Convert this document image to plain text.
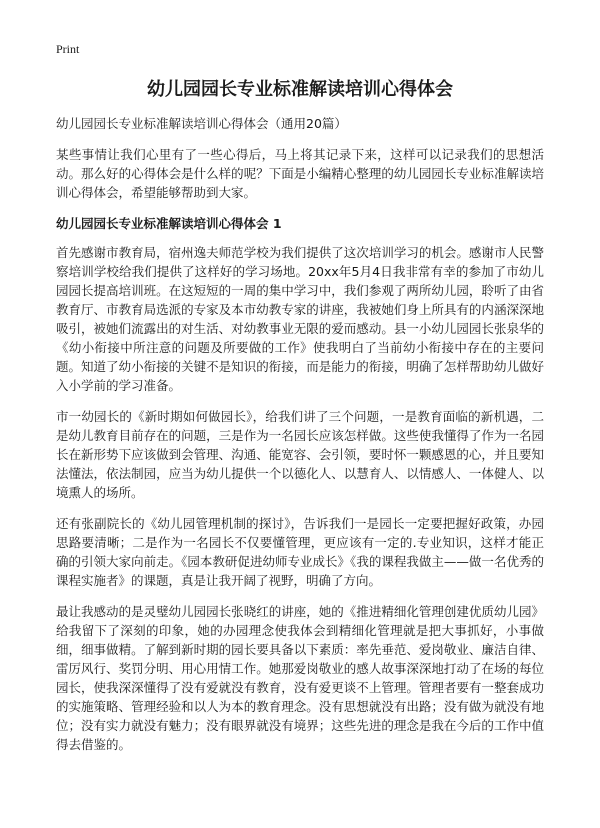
Print
幼儿园园长专业标准解读培训心得体会

幼儿园园长专业标准解读培训心得体会（通用20篇）

某些事情让我们心里有了一些心得后，马上将其记录下来，这样可以记录我们的思想活动。那么好的心得体会是什么样的呢？下面是小编精心整理的幼儿园园长专业标准解读培训心得体会，希望能够帮助到大家。

幼儿园园长专业标准解读培训心得体会 1

首先感谢市教育局，宿州逸夫师范学校为我们提供了这次培训学习的机会。感谢市人民警察培训学校给我们提供了这样好的学习场地。20xx年5月4日我非常有幸的参加了市幼儿园园长提高培训班。在这短短的一周的集中学习中，我们参观了两所幼儿园，聆听了由省教育厅、市教育局选派的专家及本市幼教专家的讲座，我被她们身上所具有的内涵深深地吸引，被她们流露出的对生活、对幼教事业无限的爱而感动。县一小幼儿园园长张泉华的《幼小衔接中所注意的问题及所要做的工作》使我明白了当前幼小衔接中存在的主要问题。知道了幼小衔接的关键不是知识的衔接，而是能力的衔接，明确了怎样帮助幼儿做好入小学前的学习准备。

市一幼园长的《新时期如何做园长》，给我们讲了三个问题，一是教育面临的新机遇，二是幼儿教育目前存在的问题，三是作为一名园长应该怎样做。这些使我懂得了作为一名园长在新形势下应该做到会管理、沟通、能宽容、会引领，要时怀一颗感恩的心，并且要知法懂法，依法制园，应当为幼儿提供一个以德化人、以慧育人、以情感人、一体健人、以境熏人的场所。

还有张副院长的《幼儿园管理机制的探讨》，告诉我们一是园长一定要把握好政策，办园思路要清晰；二是作为一名园长不仅要懂管理，更应该有一定的.专业知识，这样才能正确的引领大家向前走。《园本教研促进幼师专业成长》《我的课程我做主——做一名优秀的课程实施者》的课题，真是让我开阔了视野，明确了方向。

最让我感动的是灵璧幼儿园园长张晓红的讲座，她的《推进精细化管理创建优质幼儿园》给我留下了深刻的印象，她的办园理念使我体会到精细化管理就是把大事抓好，小事做细，细事做精。了解到新时期的园长要具备以下素质：率先垂范、爱岗敬业、廉洁自律、雷厉风行、奖罚分明、用心用情工作。她那爱岗敬业的感人故事深深地打动了在场的每位园长，使我深深懂得了没有爱就没有教育，没有爱更谈不上管理。管理者要有一整套成功的实施策略、管理经验和以人为本的教育理念。没有思想就没有出路；没有做为就没有地位；没有实力就没有魅力；没有眼界就没有境界；这些先进的理念是我在今后的工作中值得去借鉴的。
